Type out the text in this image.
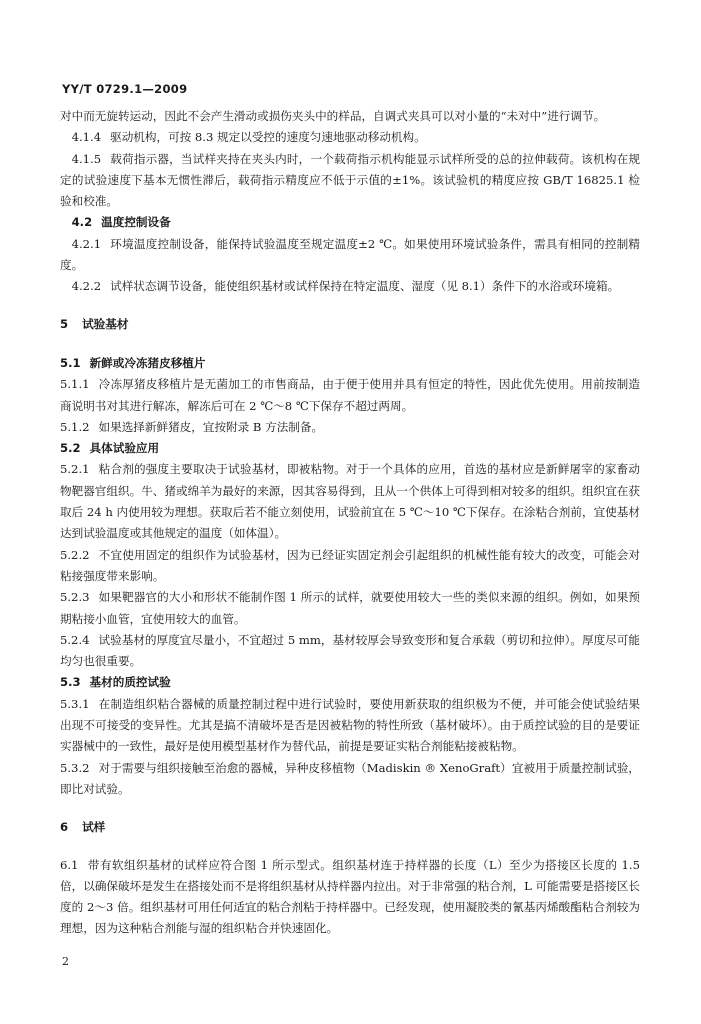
YY/T 0729.1—2009

对中而无旋转运动，因此不会产生滑动或损伤夹头中的样品，自调式夹具可以对小量的“未对中”进行调节。

 4.1.4 驱动机构，可按 8.3 规定以受控的速度匀速地驱动移动机构。

 4.1.5 载荷指示器，当试样夹持在夹头内时，一个载荷指示机构能显示试样所受的总的拉伸载荷。该机构在规定的试验速度下基本无惯性滞后，载荷指示精度应不低于示值的±1%。该试验机的精度应按 GB/T 16825.1 检验和校准。

 4.2 温度控制设备

 4.2.1 环境温度控制设备，能保持试验温度至规定温度±2 ℃。如果使用环境试验条件，需具有相同的控制精度。

 4.2.2 试样状态调节设备，能使组织基材或试样保持在特定温度、湿度（见 8.1）条件下的水浴或环境箱。

5 试验基材

5.1 新鲜或冷冻猪皮移植片

5.1.1 冷冻厚猪皮移植片是无菌加工的市售商品，由于便于使用并具有恒定的特性，因此优先使用。用前按制造商说明书对其进行解冻，解冻后可在 2 ℃～8 ℃下保存不超过两周。

5.1.2 如果选择新鲜猪皮，宜按附录 B 方法制备。

5.2 具体试验应用

5.2.1 粘合剂的强度主要取决于试验基材，即被粘物。对于一个具体的应用，首选的基材应是新鲜屠宰的家畜动物靶器官组织。牛、猪或绵羊为最好的来源，因其容易得到，且从一个供体上可得到相对较多的组织。组织宜在获取后 24 h 内使用较为理想。获取后若不能立刻使用，试验前宜在 5 ℃～10 ℃下保存。在涂粘合剂前，宜使基材达到试验温度或其他规定的温度（如体温）。

5.2.2 不宜使用固定的组织作为试验基材，因为已经证实固定剂会引起组织的机械性能有较大的改变，可能会对粘接强度带来影响。

5.2.3 如果靶器官的大小和形状不能制作图 1 所示的试样，就要使用较大一些的类似来源的组织。例如，如果预期粘接小血管，宜使用较大的血管。

5.2.4 试验基材的厚度宜尽量小，不宜超过 5 mm，基材较厚会导致变形和复合承载（剪切和拉伸）。厚度尽可能均匀也很重要。

5.3 基材的质控试验

5.3.1 在制造组织粘合器械的质量控制过程中进行试验时，要使用新获取的组织极为不便，并可能会使试验结果出现不可接受的变异性。尤其是搞不清破坏是否是因被粘物的特性所致（基材破坏）。由于质控试验的目的是要证实器械中的一致性，最好是使用模型基材作为替代品，前提是要证实粘合剂能粘接被粘物。

5.3.2 对于需要与组织接触至治愈的器械，异种皮移植物（Madiskin ® XenoGraft）宜被用于质量控制试验，即比对试验。

6 试样

6.1 带有软组织基材的试样应符合图 1 所示型式。组织基材连于持样器的长度（L）至少为搭接区长度的 1.5 倍，以确保破坏是发生在搭接处而不是将组织基材从持样器内拉出。对于非常强的粘合剂，L 可能需要是搭接区长度的 2～3 倍。组织基材可用任何适宜的粘合剂粘于持样器中。已经发现，使用凝胶类的氰基丙烯酸酯粘合剂较为理想，因为这种粘合剂能与湿的组织粘合并快速固化。

2
